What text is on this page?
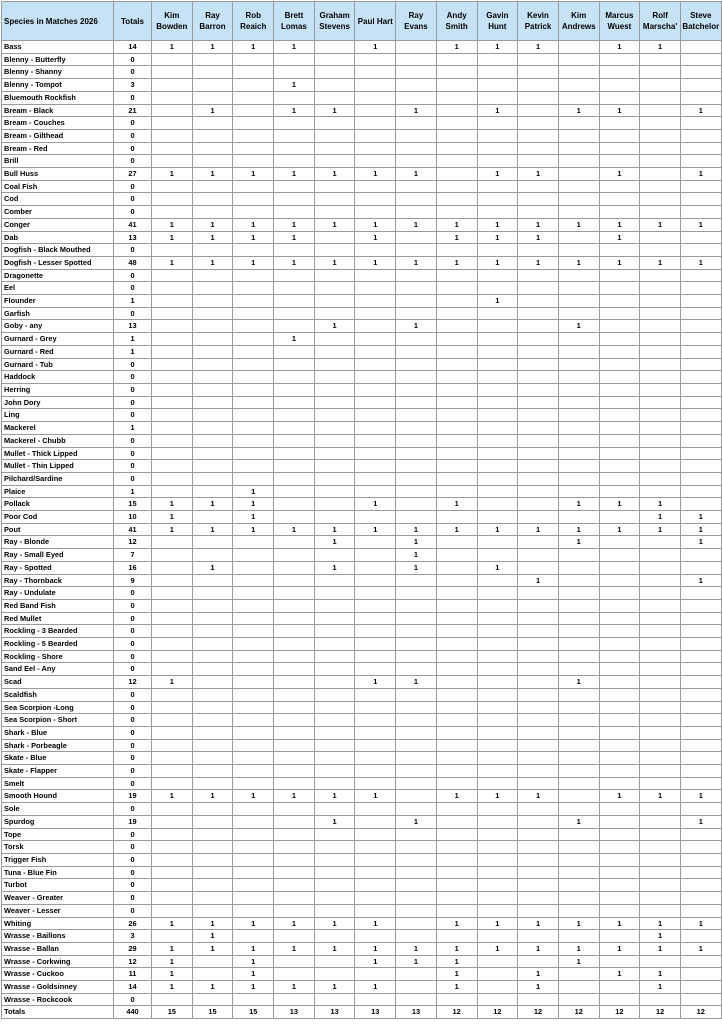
Species in Matches 2026	Totals	Kim Bowden	Ray Barron	Rob Reaich	Brett Lomas	Graham Stevens	Paul Hart	Ray Evans	Andy Smith	Gavin Hunt	Kevin Patrick	Kim Andrews	Marcus Wuest	Rolf Marscha'	Steve Batchelor
Bass	14	1	1	1	1		1		1	1	1		1	1	
Blenny - Butterfly	0														
Blenny - Shanny	0														
Blenny - Tompot	3				1										
Bluemouth Rockfish	0														
Bream - Black	21		1		1	1		1		1		1	1		1
Bream - Couches	0														
Bream - Gilthead	0														
Bream - Red	0														
Brill	0														
Bull Huss	27	1	1	1	1	1	1	1		1	1		1		1
Coal Fish	0														
Cod	0														
Comber	0														
Conger	41	1	1	1	1	1	1	1	1	1	1	1	1	1	1
Dab	13	1	1	1	1		1		1	1	1		1		
Dogfish - Black Mouthed	0														
Dogfish - Lesser Spotted	48	1	1	1	1	1	1	1	1	1	1	1	1	1	1
Dragonette	0														
Eel	0														
Flounder	1									1					
Garfish	0														
Goby - any	13					1		1				1			
Gurnard - Grey	1				1										
Gurnard - Red	1														
Gurnard - Tub	0														
Haddock	0														
Herring	0														
John Dory	0														
Ling	0														
Mackerel	1														
Mackerel - Chubb	0														
Mullet - Thick Lipped	0														
Mullet - Thin Lipped	0														
Pilchard/Sardine	0														
Plaice	1			1											
Pollack	15	1	1	1			1		1			1	1	1	
Poor Cod	10	1		1										1	1
Pout	41	1	1	1	1	1	1	1	1	1	1	1	1	1	1
Ray - Blonde	12					1		1				1			1
Ray - Small Eyed	7							1							
Ray - Spotted	16		1			1		1		1					
Ray - Thornback	9										1				1
Ray - Undulate	0														
Red Band Fish	0														
Red Mullet	0														
Rockling - 3 Bearded	0														
Rockling - 5 Bearded	0														
Rockling - Shore	0														
Sand Eel - Any	0														
Scad	12	1					1	1				1			
Scaldfish	0														
Sea Scorpion -Long	0														
Sea Scorpion - Short	0														
Shark - Blue	0														
Shark - Porbeagle	0														
Skate - Blue	0														
Skate - Flapper	0														
Smelt	0														
Smooth Hound	19	1	1	1	1	1	1		1	1	1		1	1	1
Sole	0														
Spurdog	19					1		1				1			1
Tope	0														
Torsk	0														
Trigger Fish	0														
Tuna - Blue Fin	0														
Turbot	0														
Weaver - Greater	0														
Weaver - Lesser	0														
Whiting	26	1	1	1	1	1	1		1	1	1	1	1	1	1
Wrasse - Baillons	3		1											1	
Wrasse - Ballan	29	1	1	1	1	1	1	1	1	1	1	1	1	1	1
Wrasse - Corkwing	12	1		1			1	1	1			1			
Wrasse - Cuckoo	11	1		1					1		1		1	1	
Wrasse - Goldsinney	14	1	1	1	1	1	1		1		1			1	
Wrasse - Rockcook	0														
Totals	440	15	15	15	13	13	13	13	12	12	12	12	12	12	12
